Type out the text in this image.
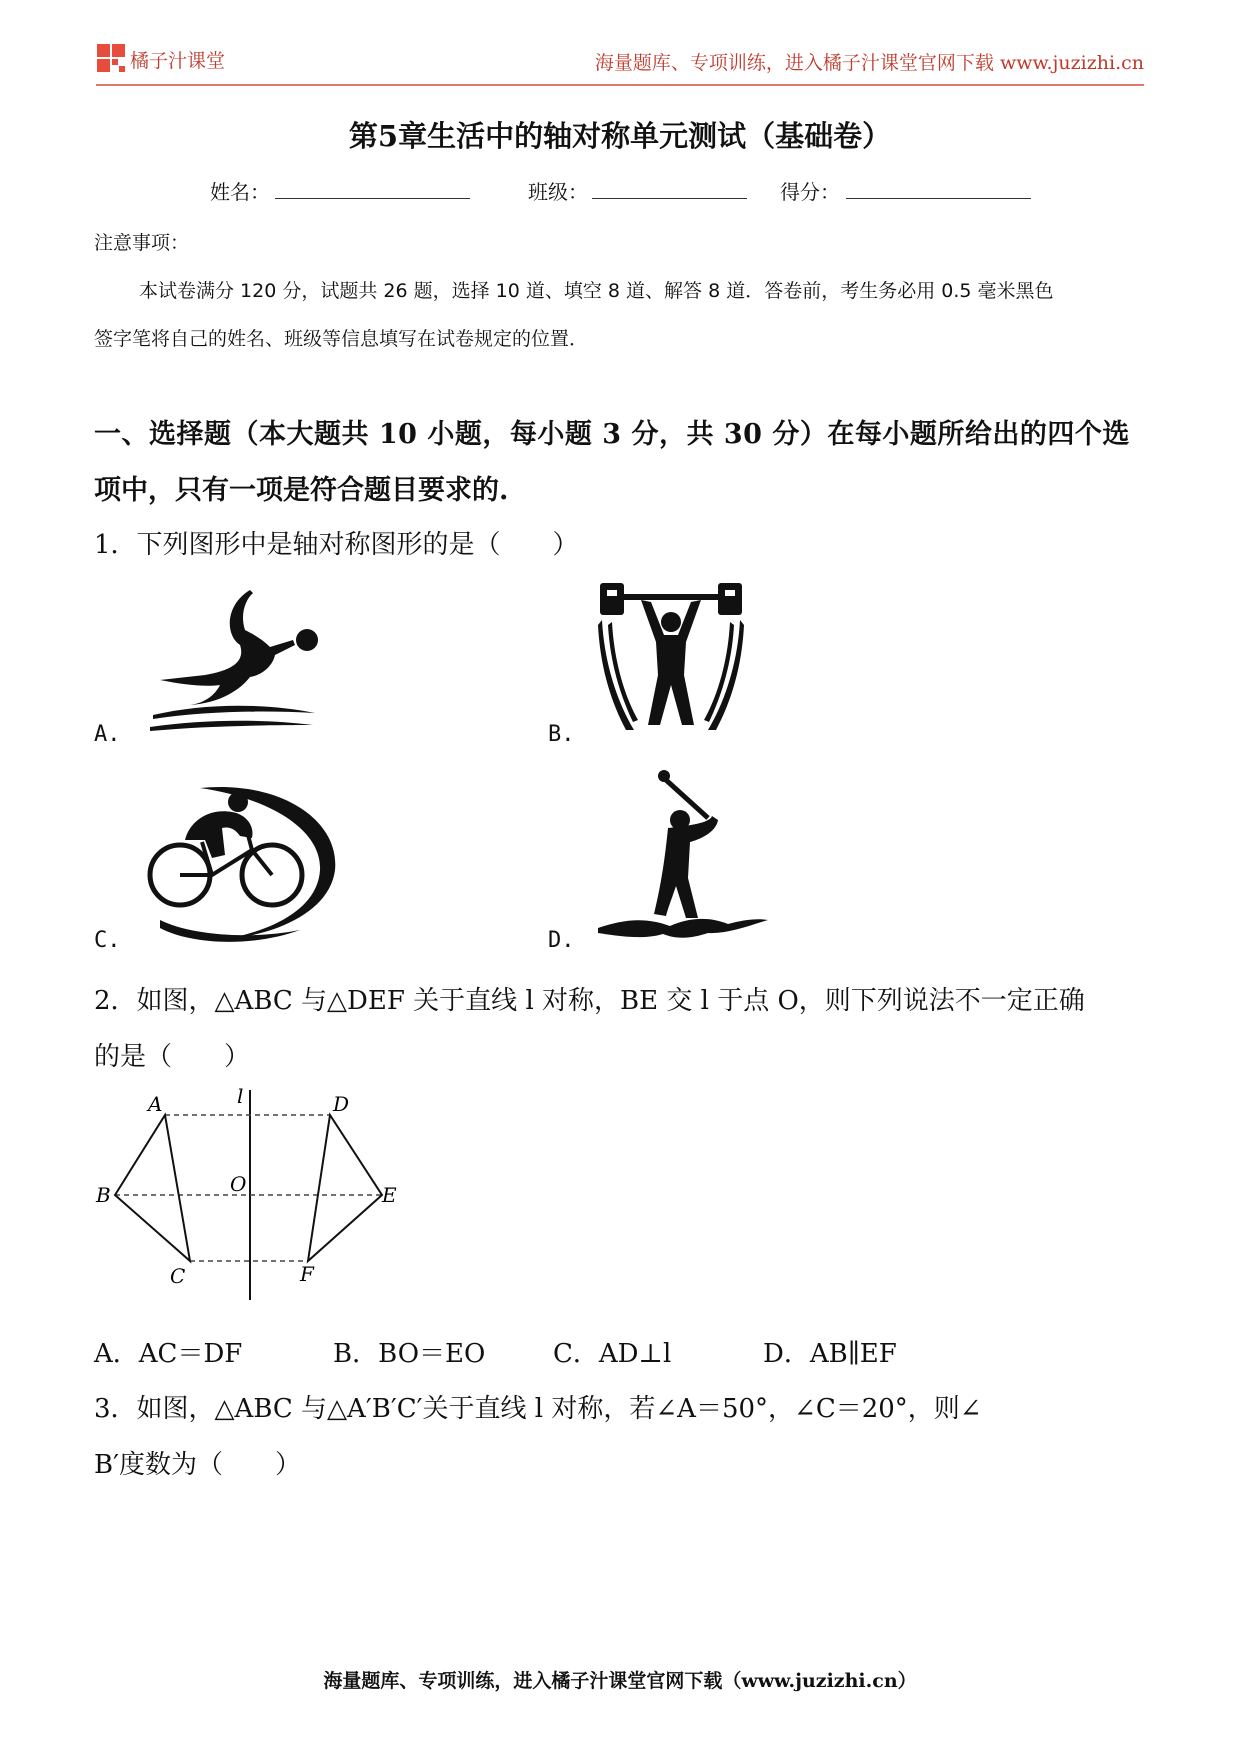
橘子汁课堂	海量题库、专项训练，进入橘子汁课堂官网下载 www.juzizhi.cn
第5章生活中的轴对称单元测试（基础卷）
姓名：	班级：	得分：
注意事项：
本试卷满分 120 分，试题共 26 题，选择 10 道、填空 8 道、解答 8 道．答卷前，考生务必用 0.5 毫米黑色
签字笔将自己的姓名、班级等信息填写在试卷规定的位置．
一、选择题（本大题共 10 小题，每小题 3 分，共 30 分）在每小题所给出的四个选
项中，只有一项是符合题目要求的.
1．下列图形中是轴对称图形的是（　　）
A.	B.
C.	D.
2．如图，△ABC 与△DEF 关于直线 l 对称，BE 交 l 于点 O，则下列说法不一定正确
的是（　　）
A
B
C
D
E
F
O
l
A．AC＝DF	B．BO＝EO	C．AD⊥l	D．AB∥EF
3．如图，△ABC 与△A′B′C′关于直线 l 对称，若∠A＝50°，∠C＝20°，则∠
B′度数为（　　）
海量题库、专项训练，进入橘子汁课堂官网下载（www.juzizhi.cn）
